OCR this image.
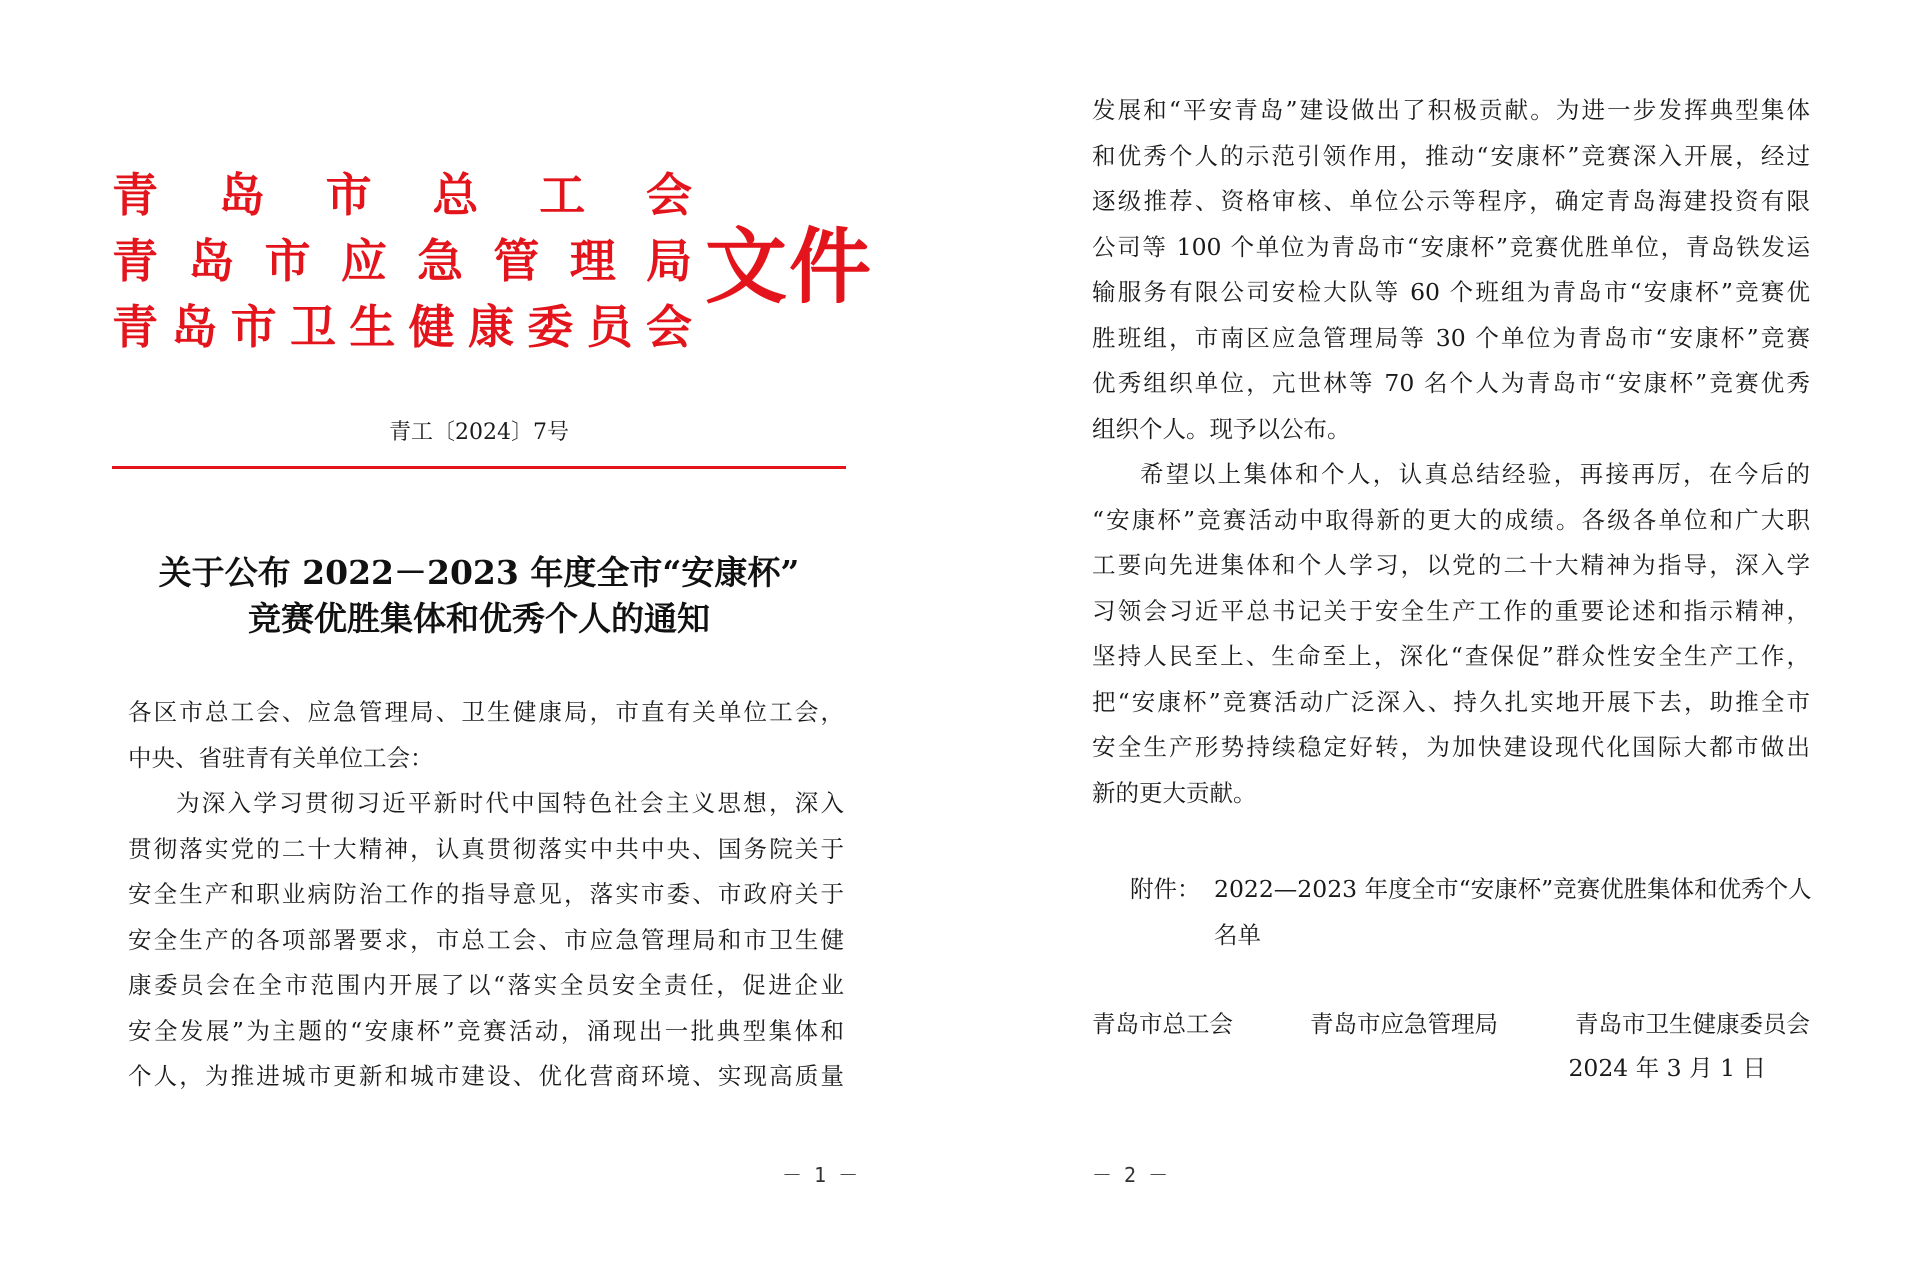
青 岛 市 总 工 会
青 岛 市 应 急 管 理 局
青 岛 市 卫 生 健 康 委 员 会
文件
青工〔2024〕7号
关于公布 2022－2023 年度全市“安康杯”
竞赛优胜集体和优秀个人的通知
各区市总工会、应急管理局、卫生健康局，市直有关单位工会，
中央、省驻青有关单位工会：
为深入学习贯彻习近平新时代中国特色社会主义思想，深入
贯彻落实党的二十大精神，认真贯彻落实中共中央、国务院关于
安全生产和职业病防治工作的指导意见，落实市委、市政府关于
安全生产的各项部署要求，市总工会、市应急管理局和市卫生健
康委员会在全市范围内开展了以“落实全员安全责任，促进企业
安全发展”为主题的“安康杯”竞赛活动，涌现出一批典型集体和
个人，为推进城市更新和城市建设、优化营商环境、实现高质量
－ 1 －
发展和“平安青岛”建设做出了积极贡献。为进一步发挥典型集体
和优秀个人的示范引领作用，推动“安康杯”竞赛深入开展，经过
逐级推荐、资格审核、单位公示等程序，确定青岛海建投资有限
公司等 100 个单位为青岛市“安康杯”竞赛优胜单位，青岛铁发运
输服务有限公司安检大队等 60 个班组为青岛市“安康杯”竞赛优
胜班组，市南区应急管理局等 30 个单位为青岛市“安康杯”竞赛
优秀组织单位，亢世林等 70 名个人为青岛市“安康杯”竞赛优秀
组织个人。现予以公布。
希望以上集体和个人，认真总结经验，再接再厉，在今后的
“安康杯”竞赛活动中取得新的更大的成绩。各级各单位和广大职
工要向先进集体和个人学习，以党的二十大精神为指导，深入学
习领会习近平总书记关于安全生产工作的重要论述和指示精神，
坚持人民至上、生命至上，深化“查保促”群众性安全生产工作，
把“安康杯”竞赛活动广泛深入、持久扎实地开展下去，助推全市
安全生产形势持续稳定好转，为加快建设现代化国际大都市做出
新的更大贡献。
附件： 2022—2023 年度全市“安康杯”竞赛优胜集体和优秀个人
名单
青岛市总工会	青岛市应急管理局	青岛市卫生健康委员会
2024 年 3 月 1 日
－ 2 －
